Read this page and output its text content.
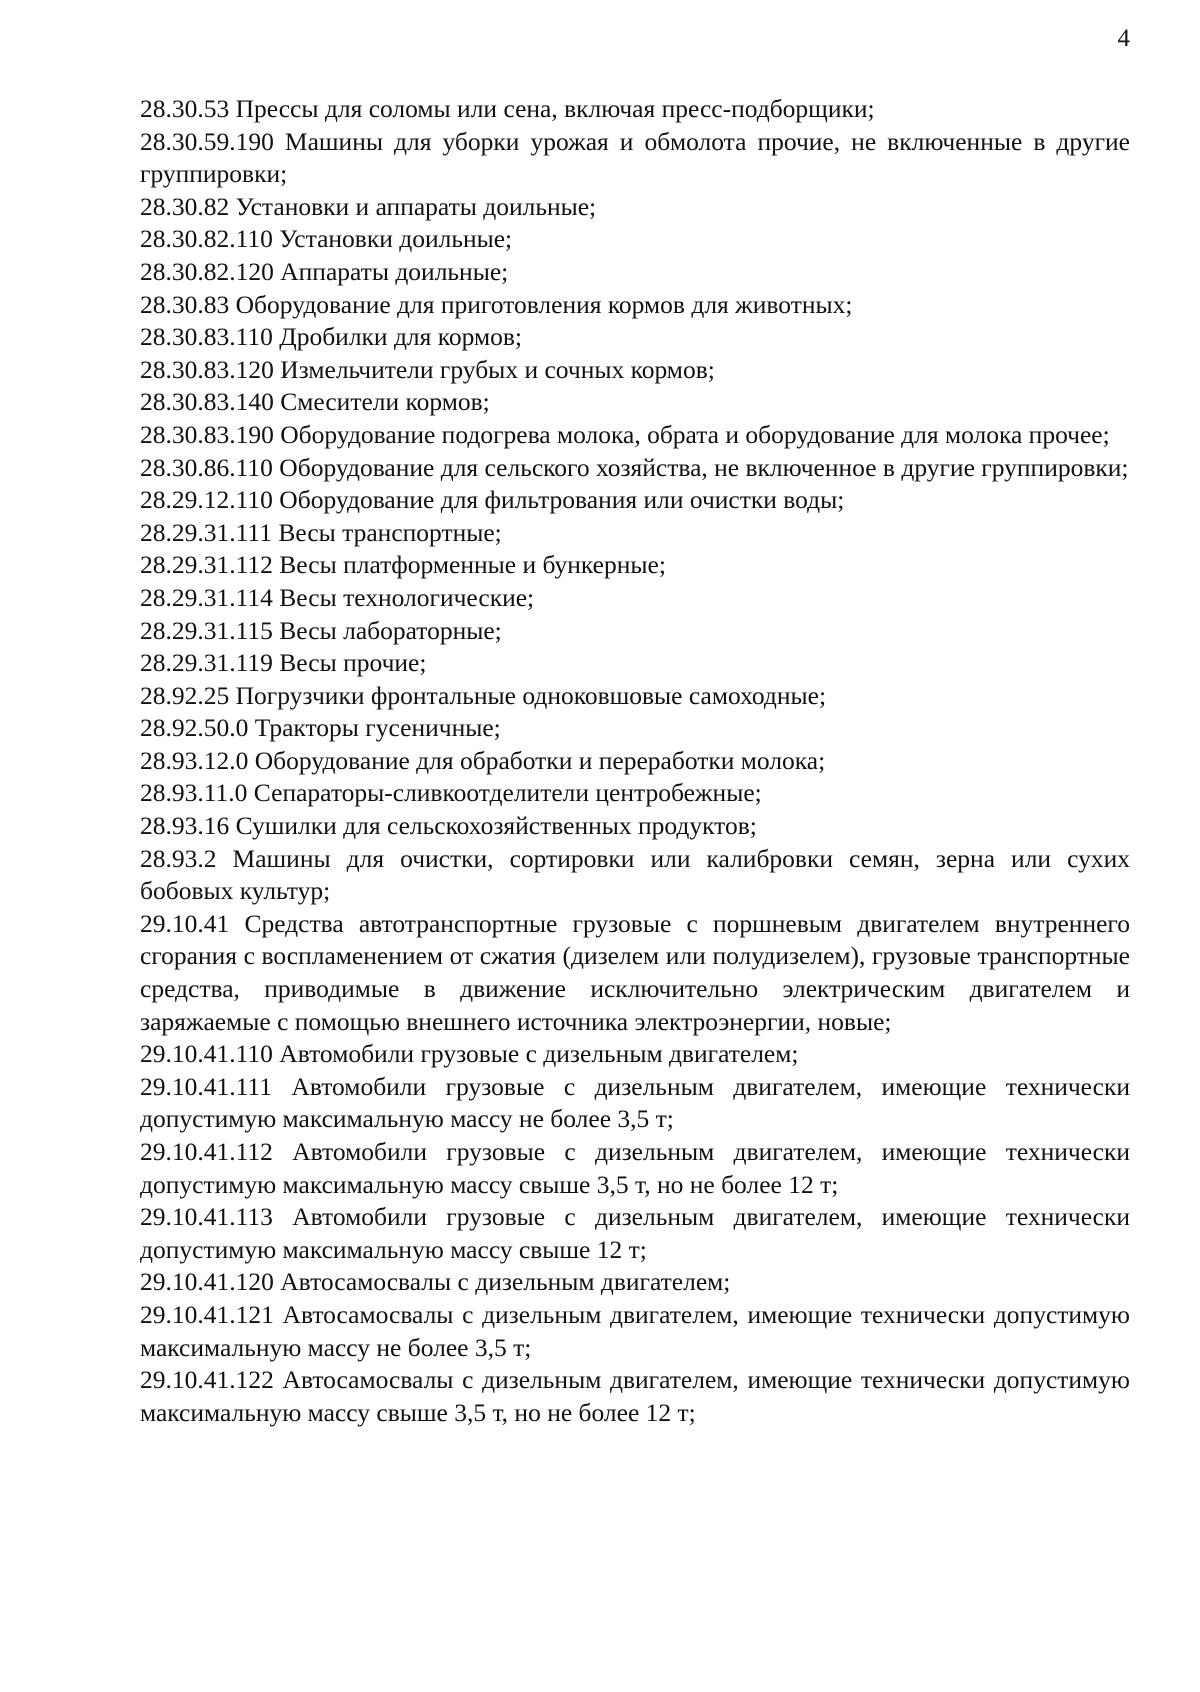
4

28.30.53 Прессы для соломы или сена, включая пресс-подборщики;

28.30.59.190 Машины для уборки урожая и обмолота прочие, не включенные в другие группировки;

28.30.82 Установки и аппараты доильные;

28.30.82.110 Установки доильные;

28.30.82.120 Аппараты доильные;

28.30.83 Оборудование для приготовления кормов для животных;

28.30.83.110 Дробилки для кормов;

28.30.83.120 Измельчители грубых и сочных кормов;

28.30.83.140 Смесители кормов;

28.30.83.190 Оборудование подогрева молока, обрата и оборудование для молока прочее;

28.30.86.110 Оборудование для сельского хозяйства, не включенное в другие группировки;

28.29.12.110 Оборудование для фильтрования или очистки воды;

28.29.31.111 Весы транспортные;

28.29.31.112 Весы платформенные и бункерные;

28.29.31.114 Весы технологические;

28.29.31.115 Весы лабораторные;

28.29.31.119 Весы прочие;

28.92.25 Погрузчики фронтальные одноковшовые самоходные;

28.92.50.0 Тракторы гусеничные;

28.93.12.0 Оборудование для обработки и переработки молока;

28.93.11.0 Сепараторы-сливкоотделители центробежные;

28.93.16 Сушилки для сельскохозяйственных продуктов;

28.93.2 Машины для очистки, сортировки или калибровки семян, зерна или сухих бобовых культур;

29.10.41 Средства автотранспортные грузовые с поршневым двигателем внутреннего сгорания с воспламенением от сжатия (дизелем или полудизелем), грузовые транспортные средства, приводимые в движение исключительно электрическим двигателем и заряжаемые с помощью внешнего источника электроэнергии, новые;

29.10.41.110 Автомобили грузовые с дизельным двигателем;

29.10.41.111 Автомобили грузовые с дизельным двигателем, имеющие технически допустимую максимальную массу не более 3,5 т;

29.10.41.112 Автомобили грузовые с дизельным двигателем, имеющие технически допустимую максимальную массу свыше 3,5 т, но не более 12 т;

29.10.41.113 Автомобили грузовые с дизельным двигателем, имеющие технически допустимую максимальную массу свыше 12 т;

29.10.41.120 Автосамосвалы с дизельным двигателем;

29.10.41.121 Автосамосвалы с дизельным двигателем, имеющие технически допустимую максимальную массу не более 3,5 т;

29.10.41.122 Автосамосвалы с дизельным двигателем, имеющие технически допустимую максимальную массу свыше 3,5 т, но не более 12 т;
